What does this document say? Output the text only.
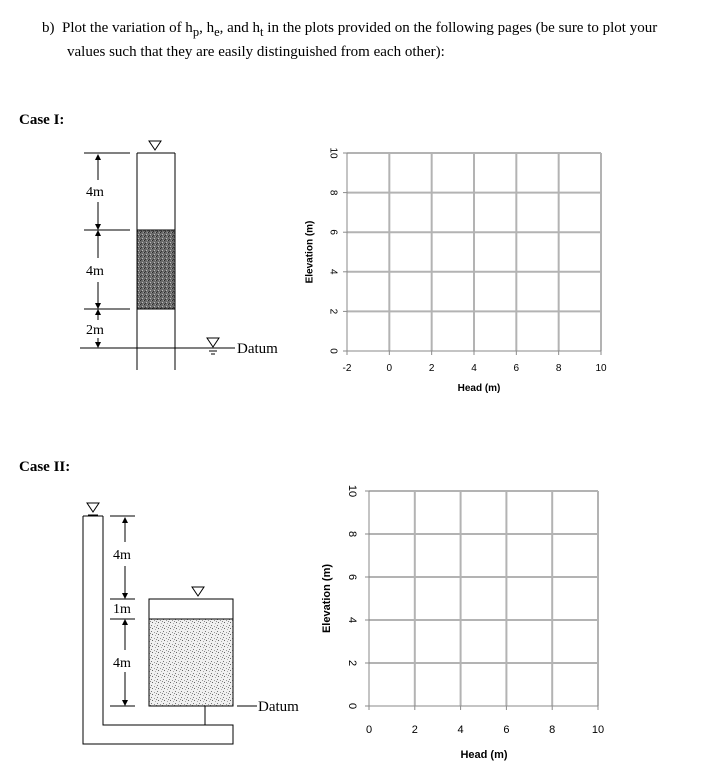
b) Plot the variation of $h_p$, $h_e$, and $h_t$ in the plots provided on the following pages (be sure to plot your
values such that they are easily distinguished from each other):
Case I:
Case II:
4m
4m
2m
Datum
4m
1m
4m
Datum
-2	0	2	4	6	8	10
0
2
4
6
8
10
Head (m)
Elevation (m)
0	2	4	6	8	10
0
2
4
6
8
10
Head (m)
Elevation (m)
